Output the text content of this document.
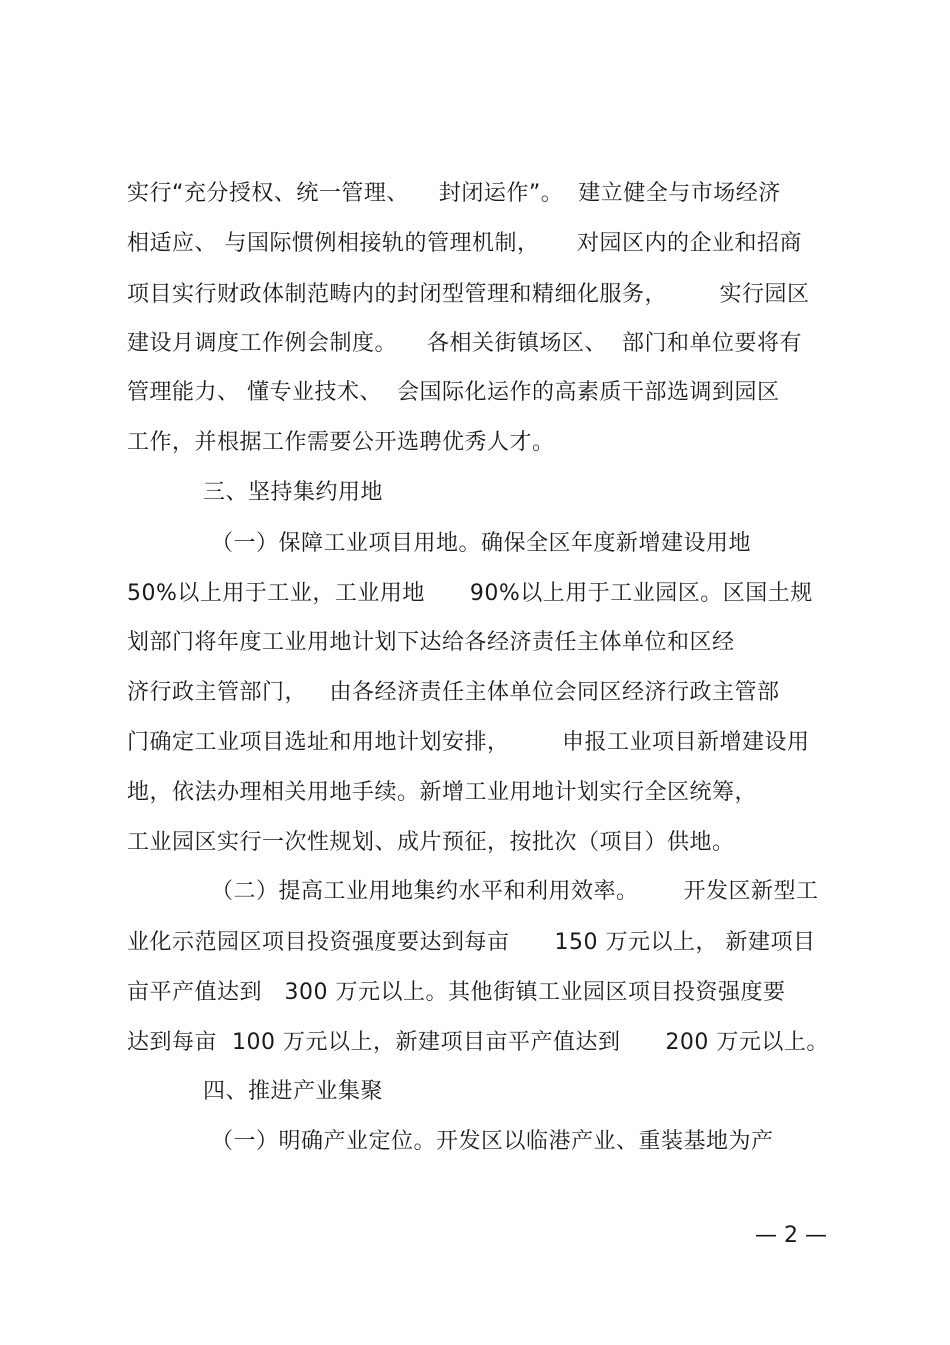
实行“充分授权、统一管理、    封闭运作”。  建立健全与市场经济
相适应、 与国际惯例相接轨的管理机制，     对园区内的企业和招商
项目实行财政体制范畴内的封闭型管理和精细化服务，       实行园区
建设月调度工作例会制度。    各相关街镇场区、  部门和单位要将有
管理能力、 懂专业技术、  会国际化运作的高素质干部选调到园区
工作，并根据工作需要公开选聘优秀人才。
三、坚持集约用地
（一）保障工业项目用地。确保全区年度新增建设用地
50%以上用于工业，工业用地      90%以上用于工业园区。区国土规
划部门将年度工业用地计划下达给各经济责任主体单位和区经
济行政主管部门，   由各经济责任主体单位会同区经济行政主管部
门确定工业项目选址和用地计划安排，       申报工业项目新增建设用
地，依法办理相关用地手续。新增工业用地计划实行全区统筹，
工业园区实行一次性规划、成片预征，按批次（项目）供地。
（二）提高工业用地集约水平和利用效率。      开发区新型工
业化示范园区项目投资强度要达到每亩      150 万元以上， 新建项目
亩平产值达到   300 万元以上。其他街镇工业园区项目投资强度要
达到每亩  100 万元以上，新建项目亩平产值达到      200 万元以上。
四、推进产业集聚
（一）明确产业定位。开发区以临港产业、重装基地为产
— 2 —
